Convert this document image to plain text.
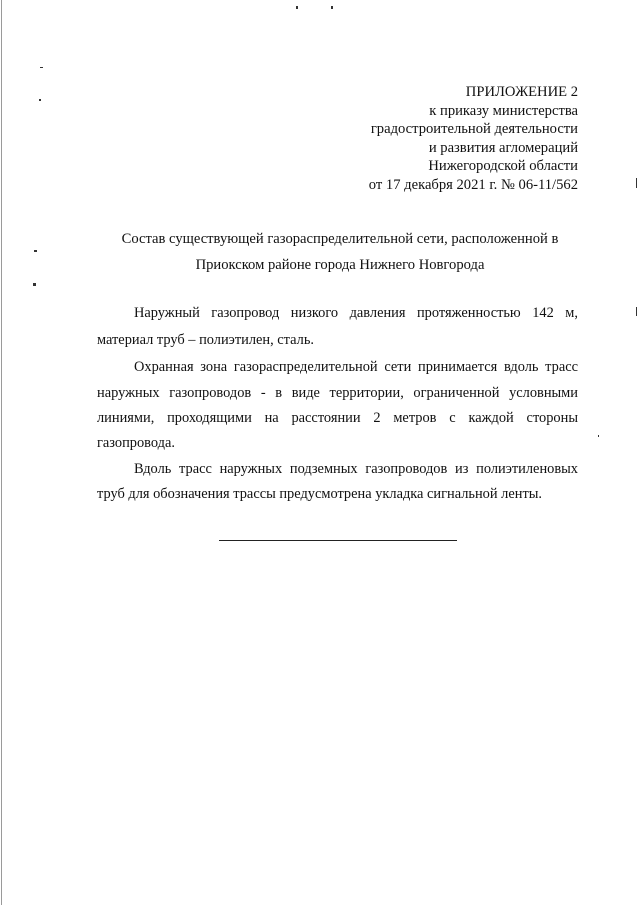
ПРИЛОЖЕНИЕ 2
к приказу министерства
градостроительной деятельности
и развития агломераций
Нижегородской области
от 17 декабря 2021 г. № 06-11/562
Состав существующей газораспределительной сети, расположенной в
Приокском районе города Нижнего Новгорода
Наружный газопровод низкого давления протяженностью 142 м,
материал труб – полиэтилен, сталь.
Охранная зона газораспределительной сети принимается вдоль трасс
наружных газопроводов - в виде территории, ограниченной условными
линиями, проходящими на расстоянии 2 метров с каждой стороны
газопровода.
Вдоль трасс наружных подземных газопроводов из полиэтиленовых
труб для обозначения трассы предусмотрена укладка сигнальной ленты.
